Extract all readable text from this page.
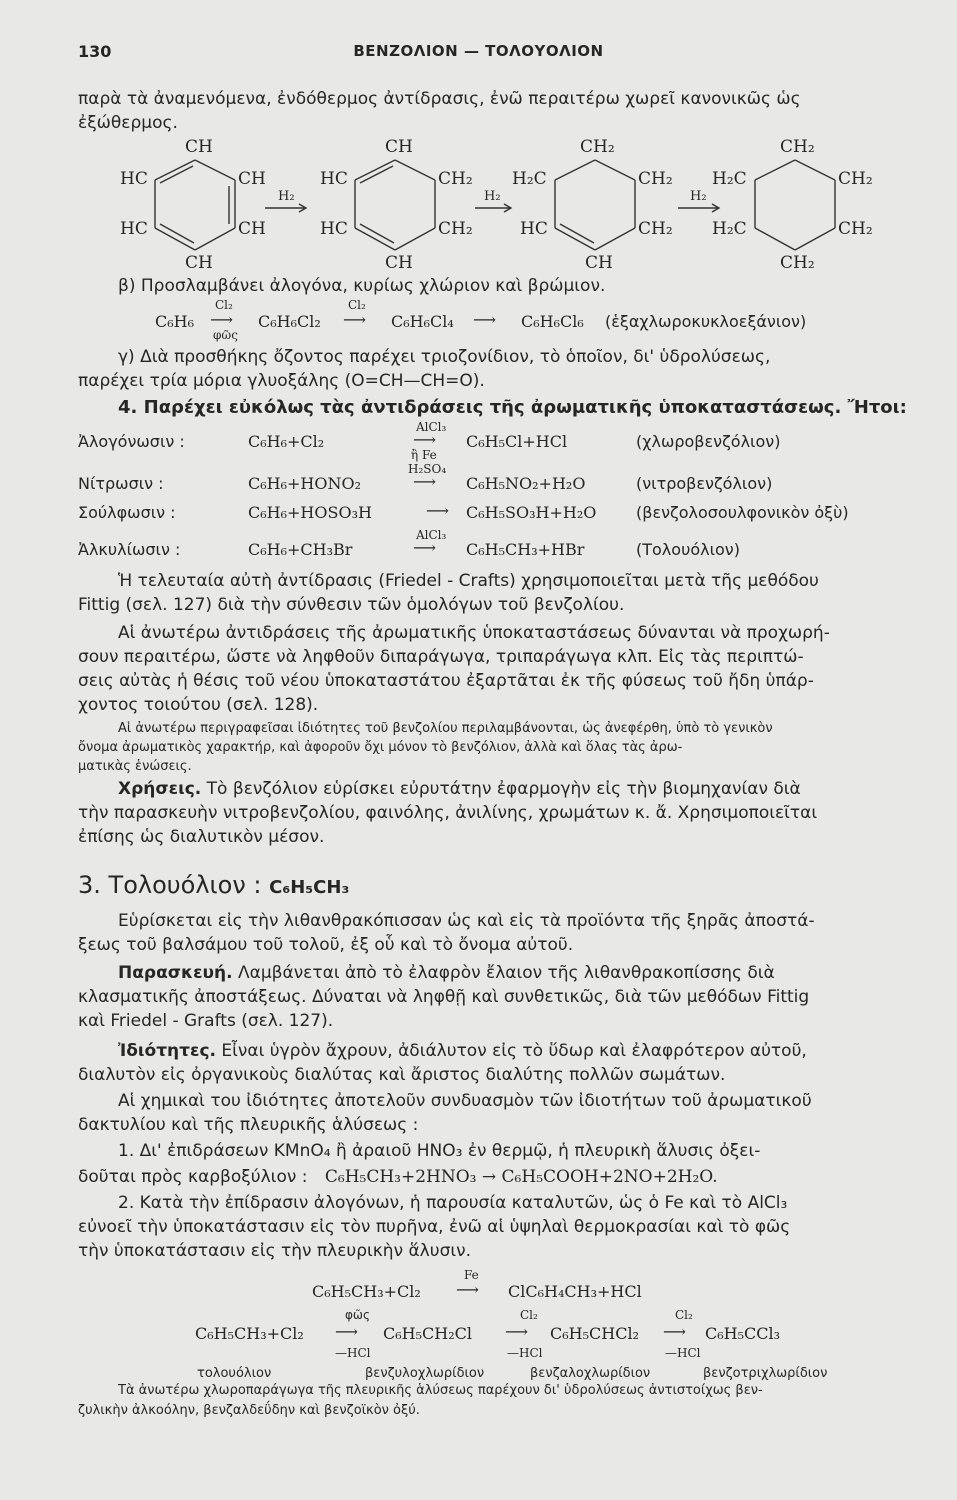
130	ΒΕΝΖΟΛΙΟΝ — ΤΟΛΟΥΟΛΙΟΝ
παρὰ τὰ ἀναμενόμενα, ἐνδόθερμος ἀντίδρασις, ἐνῶ περαιτέρω χωρεῖ κανονικῶς ὡς
ἐξώθερμος.
CH
HC	CH
HC	CH
CH
H₂
CH
HC	CH₂
HC	CH₂
CH
H₂
CH₂
H₂C	CH₂
HC	CH₂
CH
H₂
CH₂
H₂C	CH₂
H₂C	CH₂
CH₂
β) Προσλαμβάνει ἀλογόνα, κυρίως χλώριον καὶ βρώμιον.
C₆H₆
Cl₂
⟶
φῶς
C₆H₆Cl₂
Cl₂
⟶ C₆H₆Cl₄ ⟶ C₆H₆Cl₆ (ἑξαχλωροκυκλοεξάνιον)
γ) Διὰ προσθήκης ὄζοντος παρέχει τριοζονίδιον, τὸ ὁποῖον, δι' ὑδρολύσεως,
παρέχει τρία μόρια γλυοξάλης (O=CH—CH=O).
4. Παρέχει εὐκόλως τὰς ἀντιδράσεις τῆς ἀρωματικῆς ὑποκαταστάσεως. Ἤτοι:
Ἀλογόνωσιν :	C₆H₆+Cl₂
AlCl₃
⟶
ἢ Fe
C₆H₅Cl+HCl	(χλωροβενζόλιον)
Νίτρωσιν :	C₆H₆+HONO₂
H₂SO₄
⟶ C₆H₅NO₂+H₂O	(νιτροβενζόλιον)
Σούλφωσιν :	C₆H₆+HOSO₃H	⟶ C₆H₅SO₃H+H₂O (βενζολοσουλφονικὸν ὀξὺ)
Ἀλκυλίωσιν :	C₆H₆+CH₃Br
AlCl₃
⟶ C₆H₅CH₃+HBr	(Τολουόλιον)
Ἡ τελευταία αὐτὴ ἀντίδρασις (Friedel - Crafts) χρησιμοποιεῖται μετὰ τῆς μεθόδου
Fittig (σελ. 127) διὰ τὴν σύνθεσιν τῶν ὁμολόγων τοῦ βενζολίου.
Αἱ ἀνωτέρω ἀντιδράσεις τῆς ἀρωματικῆς ὑποκαταστάσεως δύνανται νὰ προχωρή-
σουν περαιτέρω, ὥστε νὰ ληφθοῦν διπαράγωγα, τριπαράγωγα κλπ. Εἰς τὰς περιπτώ-
σεις αὐτὰς ἡ θέσις τοῦ νέου ὑποκαταστάτου ἐξαρτᾶται ἐκ τῆς φύσεως τοῦ ἤδη ὑπάρ-
χοντος τοιούτου (σελ. 128).
Αἱ ἀνωτέρω περιγραφεῖσαι ἰδιότητες τοῦ βενζολίου περιλαμβάνονται, ὡς ἀνεφέρθη, ὑπὸ τὸ γενικὸν
ὄνομα ἀρωματικὸς χαρακτήρ, καὶ ἀφοροῦν ὄχι μόνον τὸ βενζόλιον, ἀλλὰ καὶ ὅλας τὰς ἀρω-
ματικὰς ἑνώσεις.
Χρήσεις. Τὸ βενζόλιον εὑρίσκει εὐρυτάτην ἐφαρμογὴν εἰς τὴν βιομηχανίαν διὰ
τὴν παρασκευὴν νιτροβενζολίου, φαινόλης, ἀνιλίνης, χρωμάτων κ. ἄ. Χρησιμοποιεῖται
ἐπίσης ὡς διαλυτικὸν μέσον.
3. Τολουόλιον : C₆H₅CH₃
Εὑρίσκεται εἰς τὴν λιθανθρακόπισσαν ὡς καὶ εἰς τὰ προϊόντα τῆς ξηρᾶς ἀποστά-
ξεως τοῦ βαλσάμου τοῦ τολοῦ, ἐξ οὗ καὶ τὸ ὄνομα αὐτοῦ.
Παρασκευή. Λαμβάνεται ἀπὸ τὸ ἐλαφρὸν ἔλαιον τῆς λιθανθρακοπίσσης διὰ
κλασματικῆς ἀποστάξεως. Δύναται νὰ ληφθῇ καὶ συνθετικῶς, διὰ τῶν μεθόδων Fittig
καὶ Friedel - Grafts (σελ. 127).
Ἰδιότητες. Εἶναι ὑγρὸν ἄχρουν, ἀδιάλυτον εἰς τὸ ὕδωρ καὶ ἐλαφρότερον αὐτοῦ,
διαλυτὸν εἰς ὀργανικοὺς διαλύτας καὶ ἄριστος διαλύτης πολλῶν σωμάτων.
Αἱ χημικαὶ του ἰδιότητες ἀποτελοῦν συνδυασμὸν τῶν ἰδιοτήτων τοῦ ἀρωματικοῦ
δακτυλίου καὶ τῆς πλευρικῆς ἁλύσεως :
1. Δι' ἐπιδράσεων KMnO₄ ἢ ἀραιοῦ HNO₃ ἐν θερμῷ, ἡ πλευρικὴ ἅλυσις ὀξει-
δοῦται πρὸς καρβοξύλιον : C₆H₅CH₃+2HNO₃ → C₆H₅COOH+2NO+2H₂O.
2. Κατὰ τὴν ἐπίδρασιν ἀλογόνων, ἡ παρουσία καταλυτῶν, ὡς ὁ Fe καὶ τὸ AlCl₃
εὐνοεῖ τὴν ὑποκατάστασιν εἰς τὸν πυρῆνα, ἐνῶ αἱ ὑψηλαὶ θερμοκρασίαι καὶ τὸ φῶς
τὴν ὑποκατάστασιν εἰς τὴν πλευρικὴν ἅλυσιν.
C₆H₅CH₃+Cl₂
Fe
⟶ ClC₆H₄CH₃+HCl
φῶς	Cl₂	Cl₂
C₆H₅CH₃+Cl₂ ⟶ C₆H₅CH₂Cl ⟶ C₆H₅CHCl₂ ⟶ C₆H₅CCl₃
—HCl	—HCl	—HCl
τολουόλιον	βενζυλοχλωρίδιον	βενζαλοχλωρίδιον	βενζοτριχλωρίδιον
Τὰ ἀνωτέρω χλωροπαράγωγα τῆς πλευρικῆς ἁλύσεως παρέχουν δι' ὑδρολύσεως ἀντιστοίχως βεν-
ζυλικὴν ἀλκοόλην, βενζαλδεΰδην καὶ βενζοϊκὸν ὀξύ.
